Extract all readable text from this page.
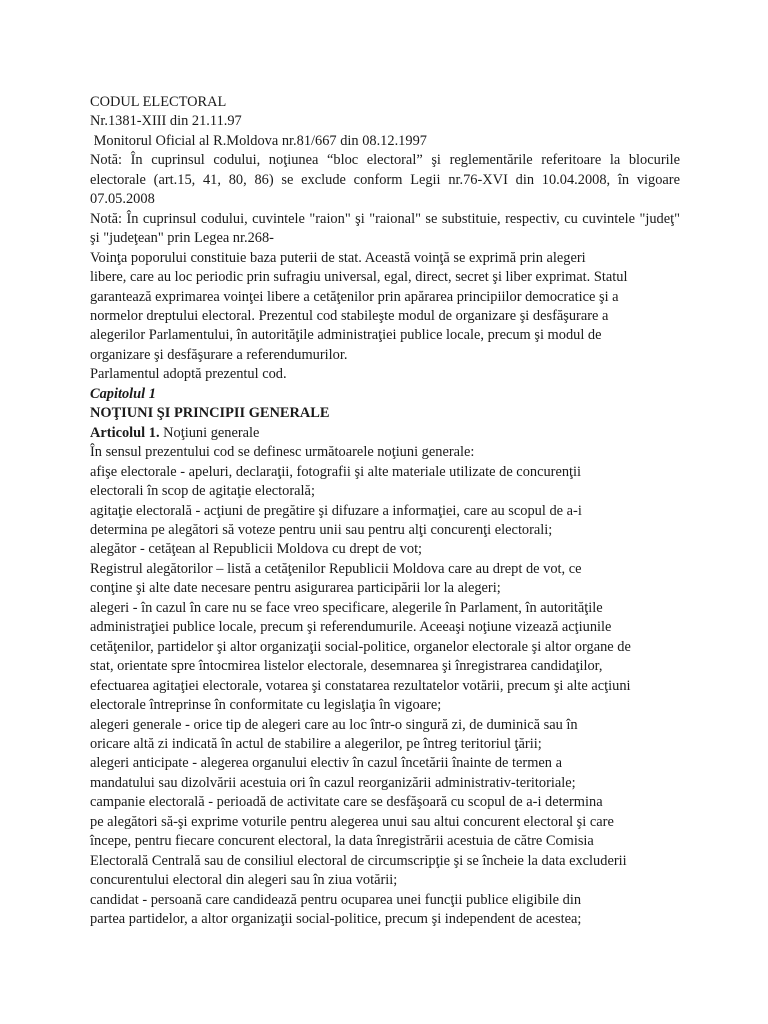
CODUL ELECTORAL
Nr.1381-XIII din 21.11.97
Monitorul Oficial al R.Moldova nr.81/667 din 08.12.1997
Notă: În cuprinsul codului, noţiunea “bloc electoral” şi reglementările referitoare la blocurile electorale (art.15, 41, 80, 86) se exclude conform Legii nr.76-XVI din 10.04.2008, în vigoare 07.05.2008
Notă: În cuprinsul codului, cuvintele "raion" şi "raional" se substituie, respectiv, cu cuvintele "judeţ" şi "judeţean" prin Legea nr.268-
Voinţa poporului constituie baza puterii de stat. Această voinţă se exprimă prin alegeri
libere, care au loc periodic prin sufragiu universal, egal, direct, secret şi liber exprimat. Statul
garantează exprimarea voinţei libere a cetăţenilor prin apărarea principiilor democratice şi a
normelor dreptului electoral. Prezentul cod stabileşte modul de organizare şi desfăşurare a
alegerilor Parlamentului, în autorităţile administraţiei publice locale, precum şi modul de
organizare şi desfăşurare a referendumurilor.
Parlamentul adoptă prezentul cod.
Capitolul 1
NOŢIUNI ŞI PRINCIPII GENERALE
Articolul 1. Noţiuni generale
În sensul prezentului cod se definesc următoarele noţiuni generale:
afişe electorale - apeluri, declaraţii, fotografii şi alte materiale utilizate de concurenţii
electorali în scop de agitaţie electorală;
agitaţie electorală - acţiuni de pregătire şi difuzare a informaţiei, care au scopul de a-i
determina pe alegători să voteze pentru unii sau pentru alţi concurenţi electorali;
alegător - cetăţean al Republicii Moldova cu drept de vot;
Registrul alegătorilor – listă a cetăţenilor Republicii Moldova care au drept de vot, ce
conţine şi alte date necesare pentru asigurarea participării lor la alegeri;
alegeri - în cazul în care nu se face vreo specificare, alegerile în Parlament, în autorităţile
administraţiei publice locale, precum şi referendumurile. Aceeaşi noţiune vizează acţiunile
cetăţenilor, partidelor şi altor organizaţii social-politice, organelor electorale şi altor organe de
stat, orientate spre întocmirea listelor electorale, desemnarea şi înregistrarea candidaţilor,
efectuarea agitaţiei electorale, votarea şi constatarea rezultatelor votării, precum şi alte acţiuni
electorale întreprinse în conformitate cu legislaţia în vigoare;
alegeri generale - orice tip de alegeri care au loc într-o singură zi, de duminică sau în
oricare altă zi indicată în actul de stabilire a alegerilor, pe întreg teritoriul ţării;
alegeri anticipate - alegerea organului electiv în cazul încetării înainte de termen a
mandatului sau dizolvării acestuia ori în cazul reorganizării administrativ-teritoriale;
campanie electorală - perioadă de activitate care se desfăşoară cu scopul de a-i determina
pe alegători să-şi exprime voturile pentru alegerea unui sau altui concurent electoral şi care
începe, pentru fiecare concurent electoral, la data înregistrării acestuia de către Comisia
Electorală Centrală sau de consiliul electoral de circumscripţie şi se încheie la data excluderii
concurentului electoral din alegeri sau în ziua votării;
candidat - persoană care candidează pentru ocuparea unei funcţii publice eligibile din
partea partidelor, a altor organizaţii social-politice, precum şi independent de acestea;
